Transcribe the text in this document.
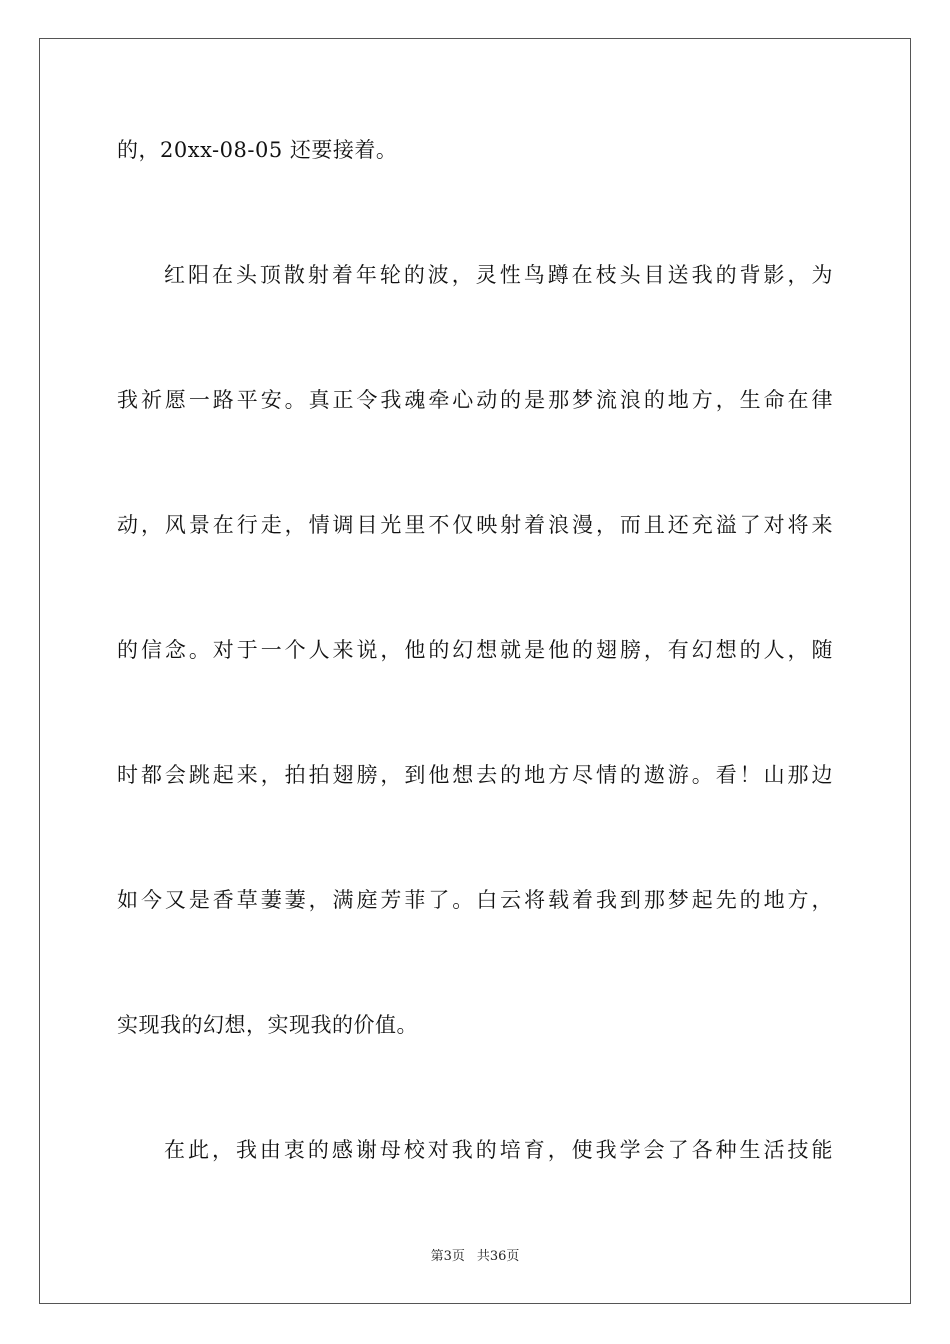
的，20xx-08-05 还要接着。
红阳在头顶散射着年轮的波，灵性鸟蹲在枝头目送我的背影，为
我祈愿一路平安。真正令我魂牵心动的是那梦流浪的地方，生命在律
动，风景在行走，情调目光里不仅映射着浪漫，而且还充溢了对将来
的信念。对于一个人来说，他的幻想就是他的翅膀，有幻想的人，随
时都会跳起来，拍拍翅膀，到他想去的地方尽情的遨游。看！山那边
如今又是香草萋萋，满庭芳菲了。白云将载着我到那梦起先的地方，
实现我的幻想，实现我的价值。
在此，我由衷的感谢母校对我的培育，使我学会了各种生活技能
第3页 共36页
